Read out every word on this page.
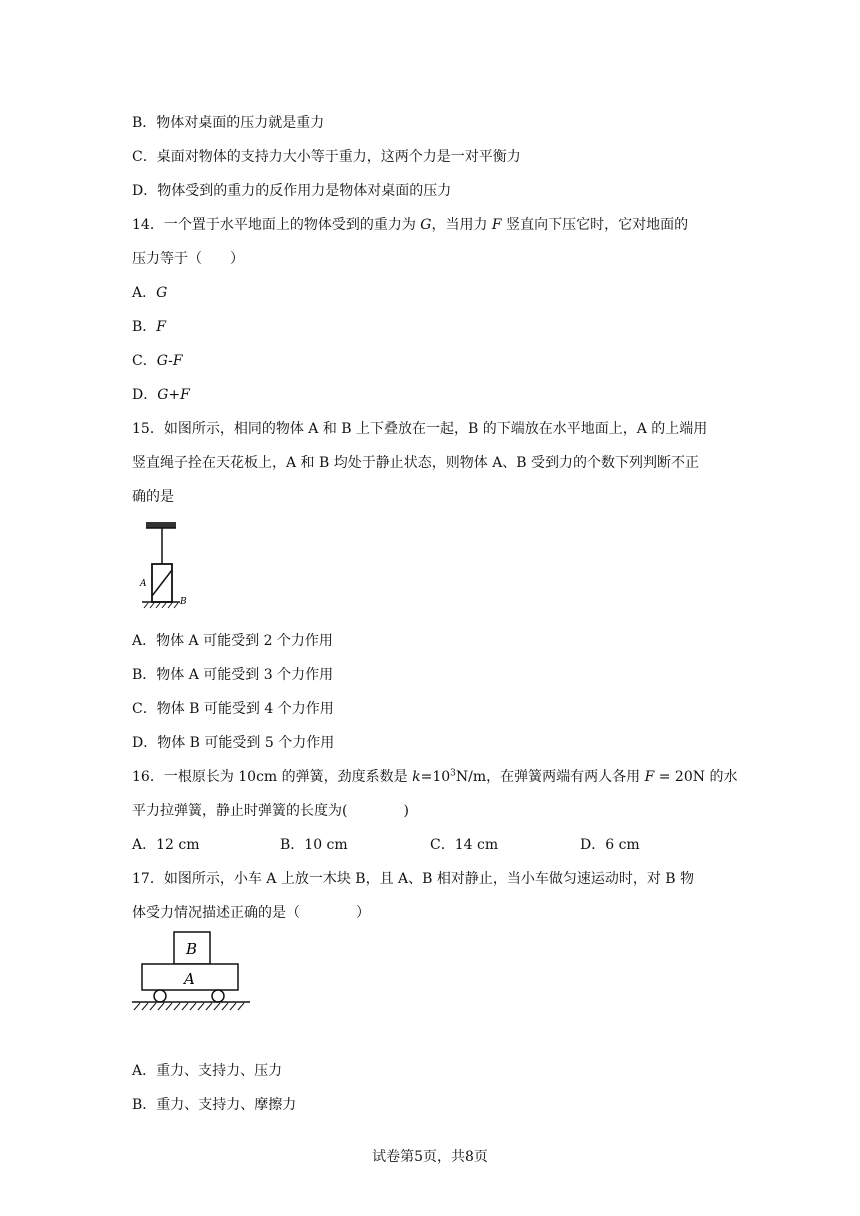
B．物体对桌面的压力就是重力
C．桌面对物体的支持力大小等于重力，这两个力是一对平衡力
D．物体受到的重力的反作用力是物体对桌面的压力
14．一个置于水平地面上的物体受到的重力为 G，当用力 F 竖直向下压它时，它对地面的
压力等于（　　）
A．G
B．F
C．G-F
D．G+F
15．如图所示，相同的物体 A 和 B 上下叠放在一起，B 的下端放在水平地面上，A 的上端用
竖直绳子拴在天花板上，A 和 B 均处于静止状态，则物体 A、B 受到力的个数下列判断不正
确的是
A
B
A．物体 A 可能受到 2 个力作用
B．物体 A 可能受到 3 个力作用
C．物体 B 可能受到 4 个力作用
D．物体 B 可能受到 5 个力作用
16．一根原长为 10cm 的弹簧，劲度系数是 $k=10^3N/m$，在弹簧两端有两人各用 F = 20N 的水
平力拉弹簧，静止时弹簧的长度为(　　　　)
A．12 cm	B．10 cm	C．14 cm	D．6 cm
17．如图所示，小车 A 上放一木块 B，且 A、B 相对静止，当小车做匀速运动时，对 B 物
体受力情况描述正确的是（　　　　）
B
A
A．重力、支持力、压力
B．重力、支持力、摩擦力
试卷第5页，共8页
